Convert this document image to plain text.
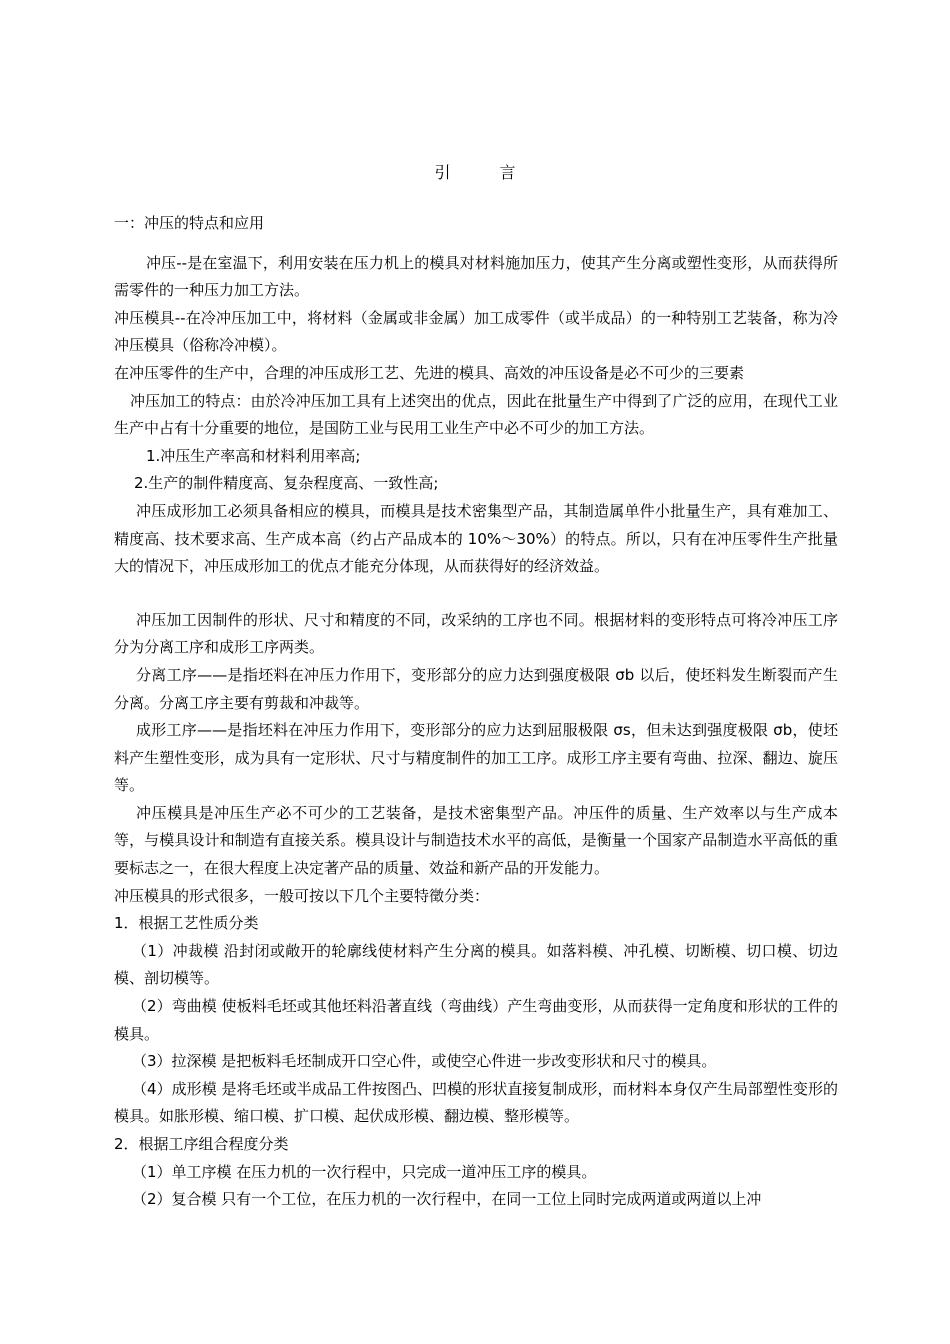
引 言

一：冲压的特点和应用

冲压--是在室温下，利用安装在压力机上的模具对材料施加压力，使其产生分离或塑性变形，从而获得所需零件的一种压力加工方法。

冲压模具--在冷冲压加工中，将材料（金属或非金属）加工成零件（或半成品）的一种特别工艺装备，称为冷冲压模具（俗称冷冲模）。

在冲压零件的生产中，合理的冲压成形工艺、先进的模具、高效的冲压设备是必不可少的三要素

冲压加工的特点：由於冷冲压加工具有上述突出的优点，因此在批量生产中得到了广泛的应用，在现代工业生产中占有十分重要的地位，是国防工业与民用工业生产中必不可少的加工方法。

1.冲压生产率高和材料利用率高;

2.生产的制件精度高、复杂程度高、一致性高;

冲压成形加工必须具备相应的模具，而模具是技术密集型产品，其制造属单件小批量生产，具有难加工、精度高、技术要求高、生产成本高（约占产品成本的 10%～30%）的特点。所以，只有在冲压零件生产批量大的情况下，冲压成形加工的优点才能充分体现，从而获得好的经济效益。

冲压加工因制件的形状、尺寸和精度的不同，改采纳的工序也不同。根据材料的变形特点可将冷冲压工序分为分离工序和成形工序两类。

分离工序——是指坯料在冲压力作用下，变形部分的应力达到强度极限 σb 以后，使坯料发生断裂而产生分离。分离工序主要有剪裁和冲裁等。

成形工序——是指坯料在冲压力作用下，变形部分的应力达到屈服极限 σs，但未达到强度极限 σb，使坯料产生塑性变形，成为具有一定形状、尺寸与精度制件的加工工序。成形工序主要有弯曲、拉深、翻边、旋压等。

冲压模具是冲压生产必不可少的工艺装备，是技术密集型产品。冲压件的质量、生产效率以与生产成本等，与模具设计和制造有直接关系。模具设计与制造技术水平的高低，是衡量一个国家产品制造水平高低的重要标志之一，在很大程度上决定著产品的质量、效益和新产品的开发能力。

冲压模具的形式很多，一般可按以下几个主要特徵分类：

1．根据工艺性质分类

（1）冲裁模 沿封闭或敞开的轮廓线使材料产生分离的模具。如落料模、冲孔模、切断模、切口模、切边模、剖切模等。

（2）弯曲模 使板料毛坯或其他坯料沿著直线（弯曲线）产生弯曲变形，从而获得一定角度和形状的工件的模具。

（3）拉深模 是把板料毛坯制成开口空心件，或使空心件进一步改变形状和尺寸的模具。

（4）成形模 是将毛坯或半成品工件按图凸、凹模的形状直接复制成形，而材料本身仅产生局部塑性变形的模具。如胀形模、缩口模、扩口模、起伏成形模、翻边模、整形模等。

2．根据工序组合程度分类

（1）单工序模 在压力机的一次行程中，只完成一道冲压工序的模具。

（2）复合模 只有一个工位，在压力机的一次行程中，在同一工位上同时完成两道或两道以上冲
